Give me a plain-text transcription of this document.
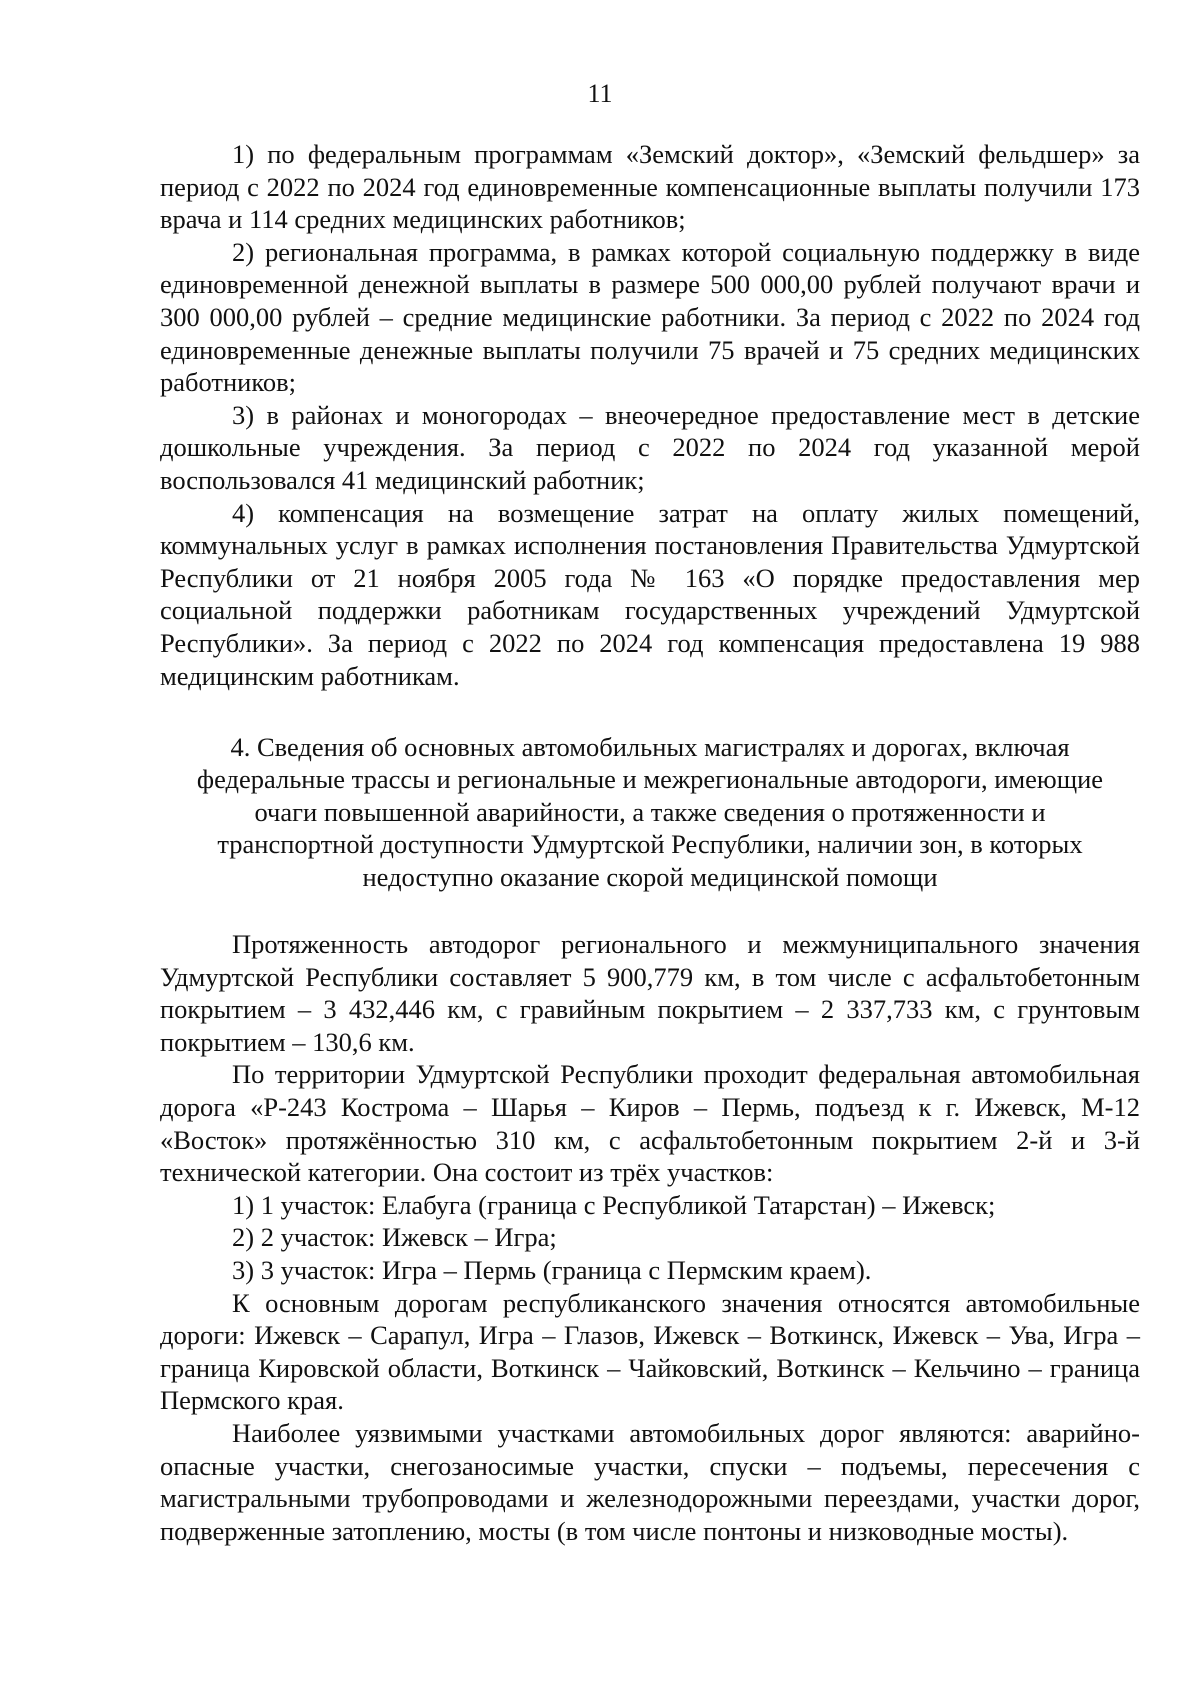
11

1) по федеральным программам «Земский доктор», «Земский фельдшер» за период с 2022 по 2024 год единовременные компенсационные выплаты получили 173 врача и 114 средних медицинских работников;

2) региональная программа, в рамках которой социальную поддержку в виде единовременной денежной выплаты в размере 500 000,00 рублей получают врачи и 300 000,00 рублей – средние медицинские работники. За период с 2022 по 2024 год единовременные денежные выплаты получили 75 врачей и 75 средних медицинских работников;

3) в районах и моногородах – внеочередное предоставление мест в детские дошкольные учреждения. За период с 2022 по 2024 год указанной мерой воспользовался 41 медицинский работник;

4) компенсация на возмещение затрат на оплату жилых помещений, коммунальных услуг в рамках исполнения постановления Правительства Удмуртской Республики от 21 ноября 2005 года № 163 «О порядке предоставления мер социальной поддержки работникам государственных учреждений Удмуртской Республики». За период с 2022 по 2024 год компенсация предоставлена 19 988 медицинским работникам.

4. Сведения об основных автомобильных магистралях и дорогах, включая
федеральные трассы и региональные и межрегиональные автодороги, имеющие
очаги повышенной аварийности, а также сведения о протяженности и
транспортной доступности Удмуртской Республики, наличии зон, в которых
недоступно оказание скорой медицинской помощи

Протяженность автодорог регионального и межмуниципального значения Удмуртской Республики составляет 5 900,779 км, в том числе с асфальтобетонным покрытием – 3 432,446 км, с гравийным покрытием – 2 337,733 км, с грунтовым покрытием – 130,6 км.

По территории Удмуртской Республики проходит федеральная автомобильная дорога «Р-243 Кострома – Шарья – Киров – Пермь, подъезд к г. Ижевск, М-12 «Восток» протяжённостью 310 км, с асфальтобетонным покрытием 2-й и 3-й технической категории. Она состоит из трёх участков:

1) 1 участок: Елабуга (граница с Республикой Татарстан) – Ижевск;

2) 2 участок: Ижевск – Игра;

3) 3 участок: Игра – Пермь (граница с Пермским краем).

К основным дорогам республиканского значения относятся автомобильные дороги: Ижевск – Сарапул, Игра – Глазов, Ижевск – Воткинск, Ижевск – Ува, Игра – граница Кировской области, Воткинск – Чайковский, Воткинск – Кельчино – граница Пермского края.

Наиболее уязвимыми участками автомобильных дорог являются: аварийно-опасные участки, снегозаносимые участки, спуски – подъемы, пересечения с магистральными трубопроводами и железнодорожными переездами, участки дорог, подверженные затоплению, мосты (в том числе понтоны и низководные мосты).
